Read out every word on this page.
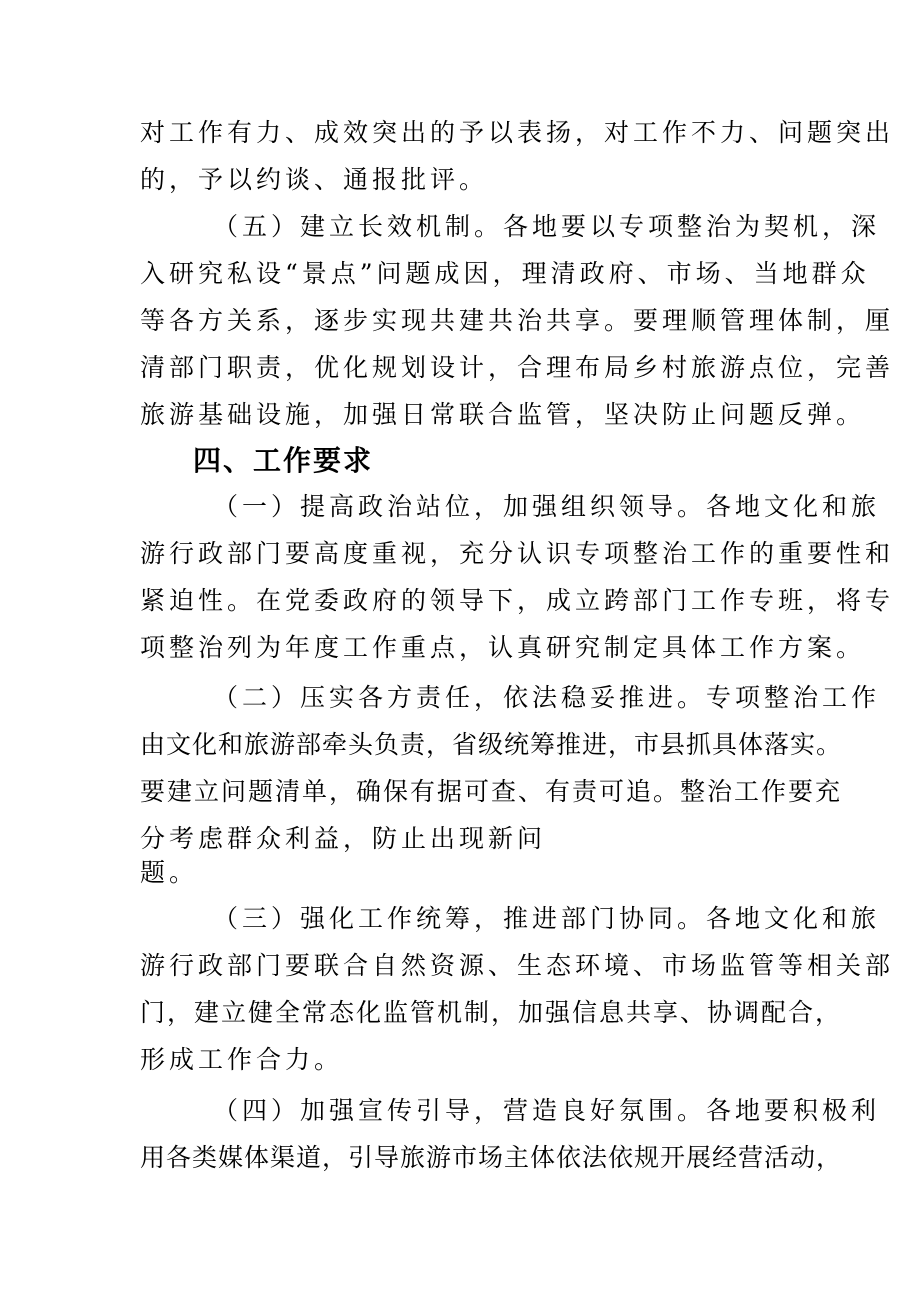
对工作有力、成效突出的予以表扬，对工作不力、问题突出
的，予以约谈、通报批评。
（五）建立长效机制。各地要以专项整治为契机，深
入研究私设“景点”问题成因，理清政府、市场、当地群众
等各方关系，逐步实现共建共治共享。要理顺管理体制，厘
清部门职责，优化规划设计，合理布局乡村旅游点位，完善
旅游基础设施，加强日常联合监管，坚决防止问题反弹。
四、工作要求
（一）提高政治站位，加强组织领导。各地文化和旅
游行政部门要高度重视，充分认识专项整治工作的重要性和
紧迫性。在党委政府的领导下，成立跨部门工作专班，将专
项整治列为年度工作重点，认真研究制定具体工作方案。
（二）压实各方责任，依法稳妥推进。专项整治工作
由文化和旅游部牵头负责，省级统筹推进，市县抓具体落实。
要建立问题清单，确保有据可查、有责可追。整治工作要充
分考虑群众利益，防止出现新问
题。
（三）强化工作统筹，推进部门协同。各地文化和旅
游行政部门要联合自然资源、生态环境、市场监管等相关部
门，建立健全常态化监管机制，加强信息共享、协调配合，
形成工作合力。
（四）加强宣传引导，营造良好氛围。各地要积极利
用各类媒体渠道，引导旅游市场主体依法依规开展经营活动，
